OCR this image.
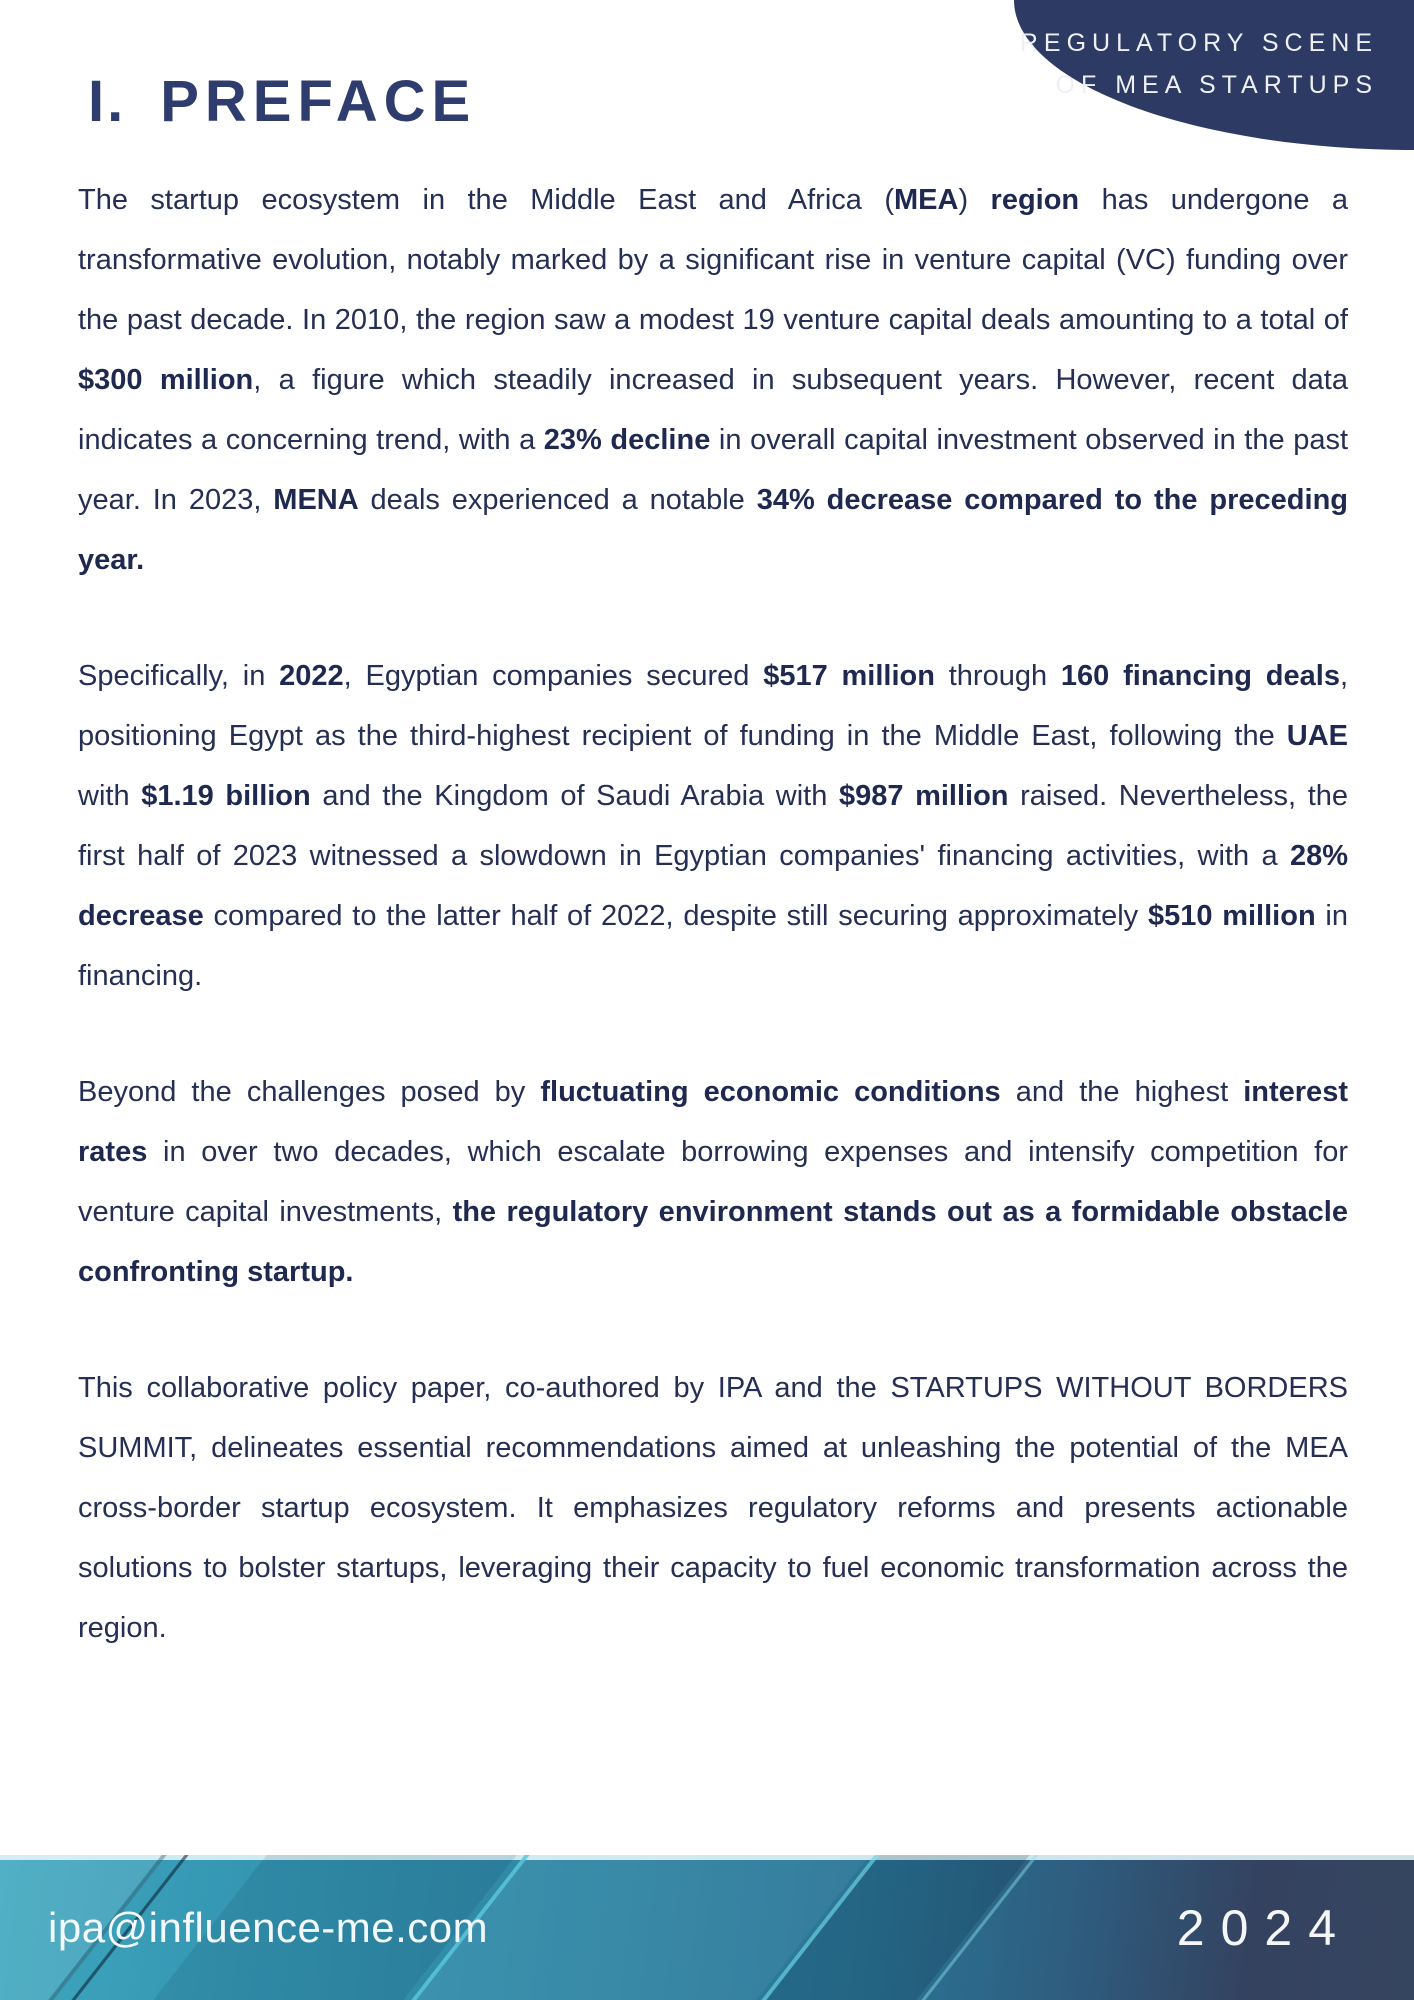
REGULATORY SCENE
OF MEA STARTUPS
I. PREFACE

The startup ecosystem in the Middle East and Africa (MEA) region has undergone a transformative evolution, notably marked by a significant rise in venture capital (VC) funding over the past decade. In 2010, the region saw a modest 19 venture capital deals amounting to a total of $300 million, a figure which steadily increased in subsequent years. However, recent data indicates a concerning trend, with a 23% decline in overall capital investment observed in the past year. In 2023, MENA deals experienced a notable 34% decrease compared to the preceding year.

Specifically, in 2022, Egyptian companies secured $517 million through 160 financing deals, positioning Egypt as the third-highest recipient of funding in the Middle East, following the UAE with $1.19 billion and the Kingdom of Saudi Arabia with $987 million raised. Nevertheless, the first half of 2023 witnessed a slowdown in Egyptian companies' financing activities, with a 28% decrease compared to the latter half of 2022, despite still securing approximately $510 million in financing.

Beyond the challenges posed by fluctuating economic conditions and the highest interest rates in over two decades, which escalate borrowing expenses and intensify competition for venture capital investments, the regulatory environment stands out as a formidable obstacle confronting startup.

This collaborative policy paper, co-authored by IPA and the STARTUPS WITHOUT BORDERS SUMMIT, delineates essential recommendations aimed at unleashing the potential of the MEA cross-border startup ecosystem. It emphasizes regulatory reforms and presents actionable solutions to bolster startups, leveraging their capacity to fuel economic transformation across the region.

ipa@influence-me.com	2024
